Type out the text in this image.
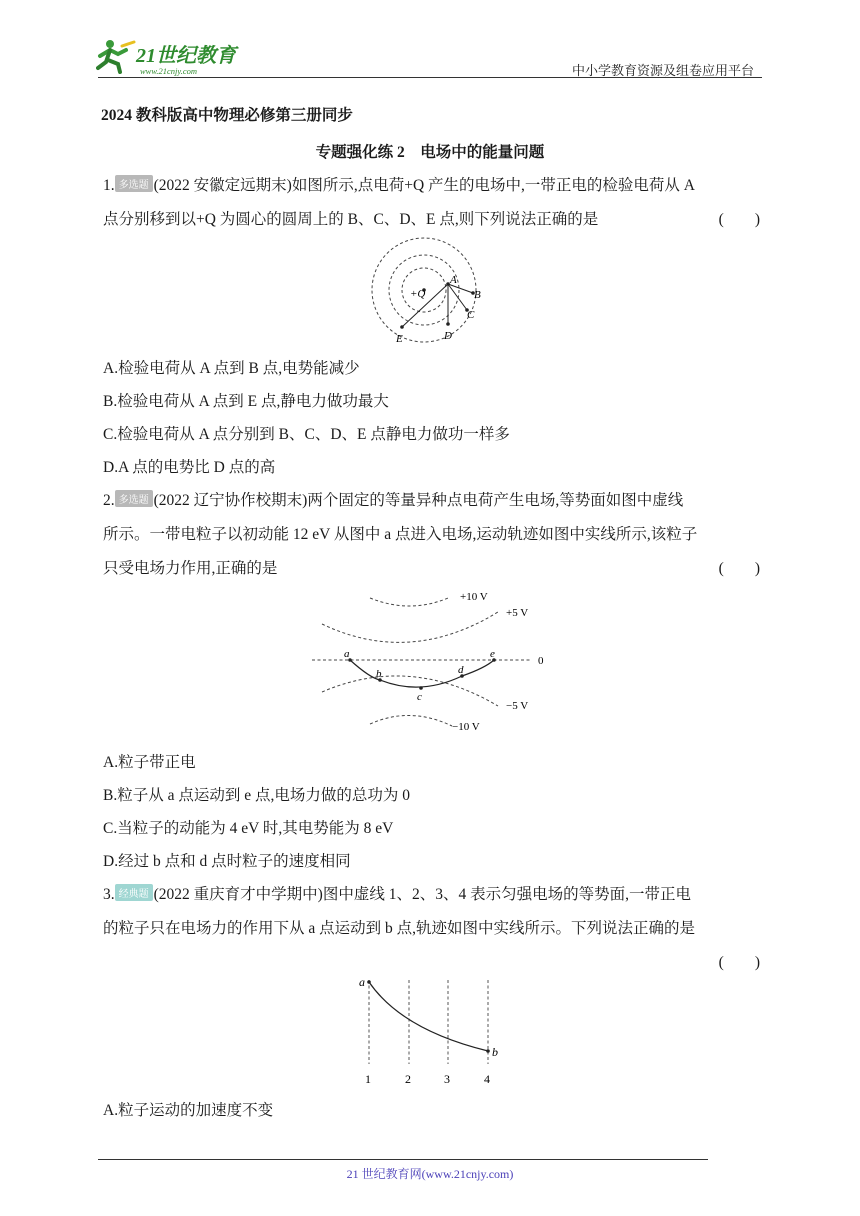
21世纪教育
www.21cnjy.com	中小学教育资源及组卷应用平台
2024 教科版高中物理必修第三册同步
专题强化练 2　电场中的能量问题
1. 多选题 (2022 安徽定远期末)如图所示,点电荷+Q 产生的电场中,一带正电的检验电荷从 A
点分别移到以+Q 为圆心的圆周上的 B、C、D、E 点,则下列说法正确的是	(　　)
+Q
A
B
C
D
E
A.检验电荷从 A 点到 B 点,电势能减少
B.检验电荷从 A 点到 E 点,静电力做功最大
C.检验电荷从 A 点分别到 B、C、D、E 点静电力做功一样多
D.A 点的电势比 D 点的高
2. 多选题 (2022 辽宁协作校期末)两个固定的等量异种点电荷产生电场,等势面如图中虚线
所示。一带电粒子以初动能 12 eV 从图中 a 点进入电场,运动轨迹如图中实线所示,该粒子
只受电场力作用,正确的是	(　　)
+10 V
+5 V
0
−5 V
−10 V
a
b
c
d
e
A.粒子带正电
B.粒子从 a 点运动到 e 点,电场力做的总功为 0
C.当粒子的动能为 4 eV 时,其电势能为 8 eV
D.经过 b 点和 d 点时粒子的速度相同
3. 经典题 (2022 重庆育才中学期中)图中虚线 1、2、3、4 表示匀强电场的等势面,一带正电
的粒子只在电场力的作用下从 a 点运动到 b 点,轨迹如图中实线所示。下列说法正确的是
(　　)
a
b
1	2	3	4
A.粒子运动的加速度不变
21 世纪教育网(www.21cnjy.com)
